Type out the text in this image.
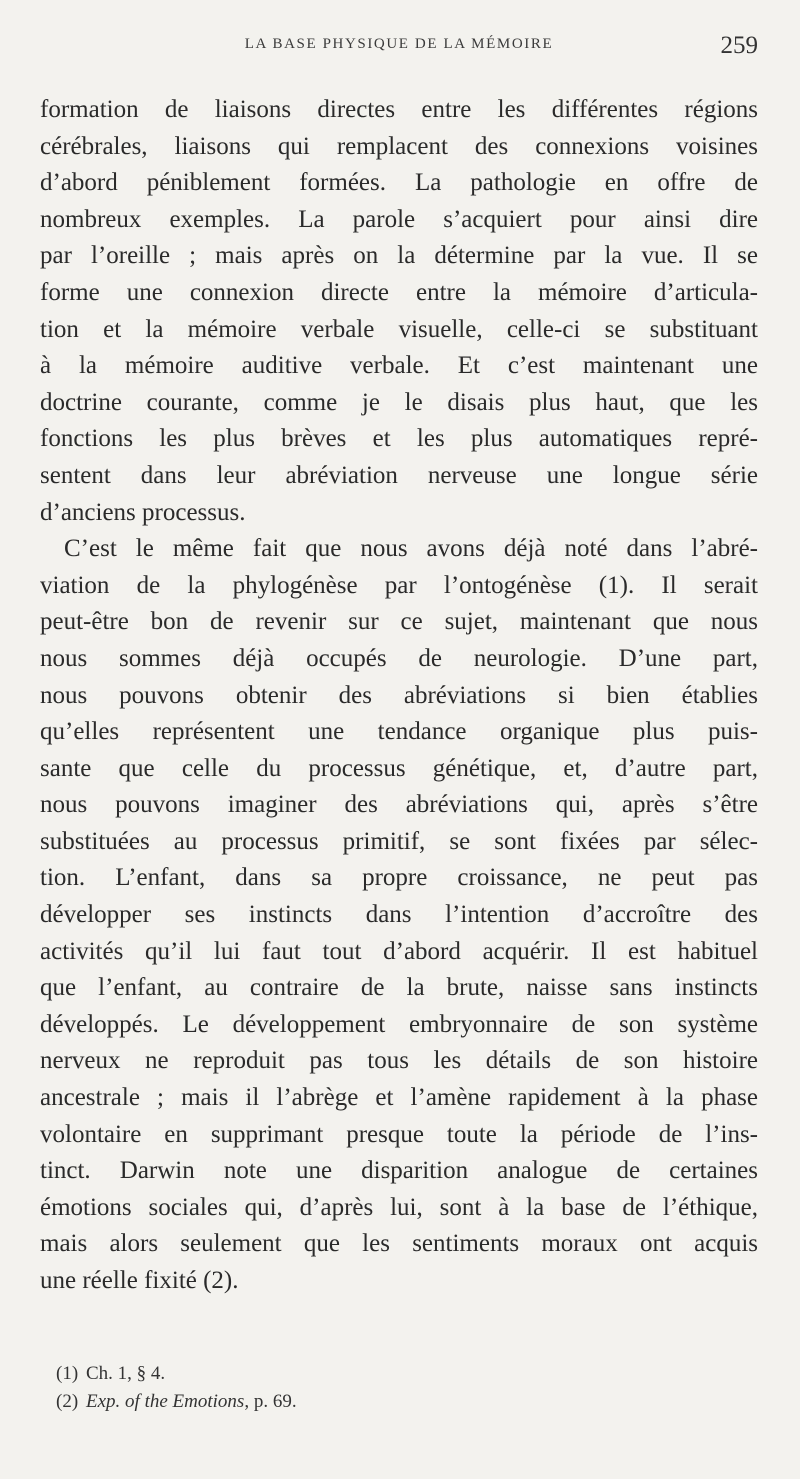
LA BASE PHYSIQUE DE LA MÉMOIRE	259
formation de liaisons directes entre les différentes régions
cérébrales, liaisons qui remplacent des connexions voisines
d’abord péniblement formées. La pathologie en offre de
nombreux exemples. La parole s’acquiert pour ainsi dire
par l’oreille ; mais après on la détermine par la vue. Il se
forme une connexion directe entre la mémoire d’articula-
tion et la mémoire verbale visuelle, celle-ci se substituant
à la mémoire auditive verbale. Et c’est maintenant une
doctrine courante, comme je le disais plus haut, que les
fonctions les plus brèves et les plus automatiques repré-
sentent dans leur abréviation nerveuse une longue série
d’anciens processus.
C’est le même fait que nous avons déjà noté dans l’abré-
viation de la phylogénèse par l’ontogénèse (1). Il serait
peut-être bon de revenir sur ce sujet, maintenant que nous
nous sommes déjà occupés de neurologie. D’une part,
nous pouvons obtenir des abréviations si bien établies
qu’elles représentent une tendance organique plus puis-
sante que celle du processus génétique, et, d’autre part,
nous pouvons imaginer des abréviations qui, après s’être
substituées au processus primitif, se sont fixées par sélec-
tion. L’enfant, dans sa propre croissance, ne peut pas
développer ses instincts dans l’intention d’accroître des
activités qu’il lui faut tout d’abord acquérir. Il est habituel
que l’enfant, au contraire de la brute, naisse sans instincts
développés. Le développement embryonnaire de son système
nerveux ne reproduit pas tous les détails de son histoire
ancestrale ; mais il l’abrège et l’amène rapidement à la phase
volontaire en supprimant presque toute la période de l’ins-
tinct. Darwin note une disparition analogue de certaines
émotions sociales qui, d’après lui, sont à la base de l’éthique,
mais alors seulement que les sentiments moraux ont acquis
une réelle fixité (2).
(1) Ch. 1, § 4.
(2) Exp. of the Emotions, p. 69.
